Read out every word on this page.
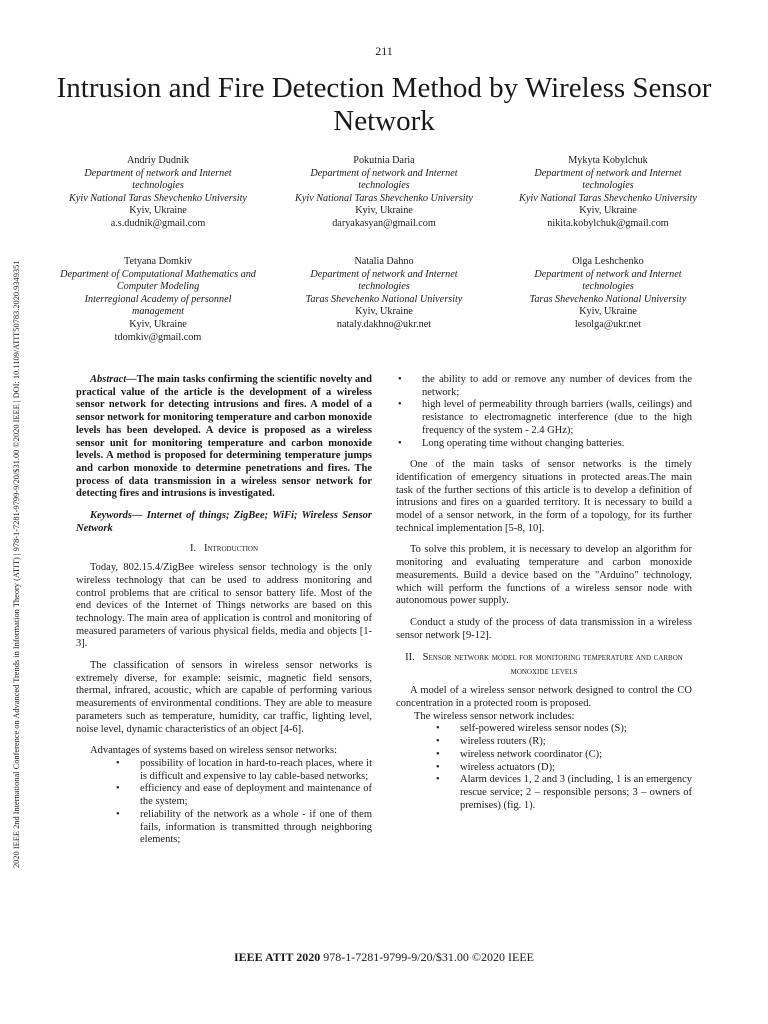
211
Intrusion and Fire Detection Method by Wireless Sensor Network
2020 IEEE 2nd International Conference on Advanced Trends in Information Theory (ATIT) | 978-1-7281-9799-9/20/$31.00 ©2020 IEEE | DOI: 10.1109/ATIT50783.2020.9349351
Andriy Dudnik
Department of network and Internet technologies
Kyiv National Taras Shevchenko University
Kyiv, Ukraine
a.s.dudnik@gmail.com
Pokutnia Daria
Department of network and Internet technologies
Kyiv National Taras Shevchenko University
Kyiv, Ukraine
daryakasyan@gmail.com
Mykyta Kobylchuk
Department of network and Internet technologies
Kyiv National Taras Shevchenko University
Kyiv, Ukraine
nikita.kobylchuk@gmail.com
Tetyana Domkiv
Department of Computational Mathematics and Computer Modeling
Interregional Academy of personnel management
Kyiv, Ukraine
tdomkiv@gmail.com
Natalia Dahno
Department of network and Internet technologies
Taras Shevchenko National University
Kyiv, Ukraine
nataly.dakhno@ukr.net
Olga Leshchenko
Department of network and Internet technologies
Taras Shevchenko National University
Kyiv, Ukraine
lesolga@ukr.net

Abstract—The main tasks confirming the scientific novelty and practical value of the article is the development of a wireless sensor network for detecting intrusions and fires. A model of a sensor network for monitoring temperature and carbon monoxide levels has been developed. A device is proposed as a wireless sensor unit for monitoring temperature and carbon monoxide levels. A method is proposed for determining temperature jumps and carbon monoxide to determine penetrations and fires. The process of data transmission in a wireless sensor network for detecting fires and intrusions is investigated.

Keywords— Internet of things; ZigBee; WiFi; Wireless Sensor Network

I. Introduction

Today, 802.15.4/ZigBee wireless sensor technology is the only wireless technology that can be used to address monitoring and control problems that are critical to sensor battery life. Most of the end devices of the Internet of Things networks are based on this technology. The main area of application is control and monitoring of measured parameters of various physical fields, media and objects [1-3].

The classification of sensors in wireless sensor networks is extremely diverse, for example: seismic, magnetic field sensors, thermal, infrared, acoustic, which are capable of performing various measurements of environmental conditions. They are able to measure parameters such as temperature, humidity, car traffic, lighting level, noise level, dynamic characteristics of an object [4-6].

Advantages of systems based on wireless sensor networks:

• possibility of location in hard-to-reach places, where it is difficult and expensive to lay cable-based networks;
• efficiency and ease of deployment and maintenance of the system;
• reliability of the network as a whole - if one of them fails, information is transmitted through neighboring elements;
• the ability to add or remove any number of devices from the network;
• high level of permeability through barriers (walls, ceilings) and resistance to electromagnetic interference (due to the high frequency of the system - 2.4 GHz);
• Long operating time without changing batteries.

One of the main tasks of sensor networks is the timely identification of emergency situations in protected areas.The main task of the further sections of this article is to develop a definition of intrusions and fires on a guarded territory. It is necessary to build a model of a sensor network, in the form of a topology, for its further technical implementation [5-8, 10].

To solve this problem, it is necessary to develop an algorithm for monitoring and evaluating temperature and carbon monoxide measurements. Build a device based on the "Arduino" technology, which will perform the functions of a wireless sensor node with autonomous power supply.

Conduct a study of the process of data transmission in a wireless sensor network [9-12].

II. Sensor network model for monitoring temperature and carbon monoxide levels

A model of a wireless sensor network designed to control the CO concentration in a protected room is proposed.

The wireless sensor network includes:

• self-powered wireless sensor nodes (S);
• wireless routers (R);
• wireless network coordinator (C);
• wireless actuators (D);
• Alarm devices 1, 2 and 3 (including, 1 is an emergency rescue service; 2 – responsible persons; 3 – owners of premises) (fig. 1).
IEEE ATIT 2020 978-1-7281-9799-9/20/$31.00 ©2020 IEEE
